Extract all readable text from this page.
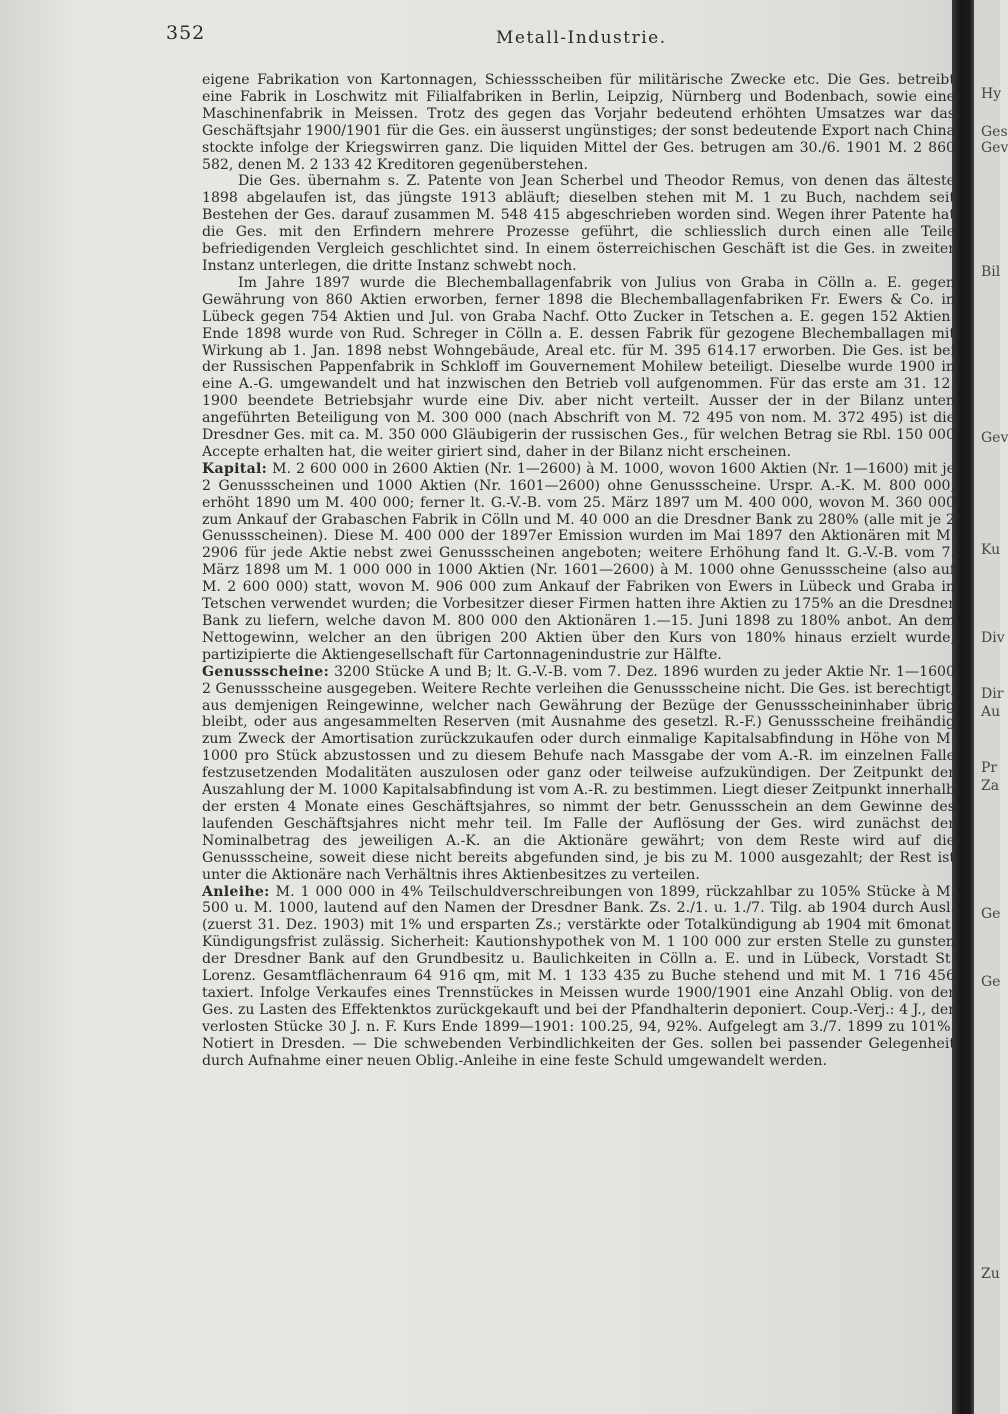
Hy
Ges
Gev
Bil
Gev
Ku
Div
Dir
Au
Pr
Za
Ge
Ge
Zu
352	Metall-Industrie.

eigene Fabrikation von Kartonnagen, Schiessscheiben für militärische Zwecke etc. Die Ges. betreibt eine Fabrik in Loschwitz mit Filialfabriken in Berlin, Leipzig, Nürnberg und Bodenbach, sowie eine Maschinenfabrik in Meissen. Trotz des gegen das Vorjahr bedeutend erhöhten Umsatzes war das Geschäftsjahr 1900/1901 für die Ges. ein äusserst ungünstiges; der sonst bedeutende Export nach China stockte infolge der Kriegswirren ganz. Die liquiden Mittel der Ges. betrugen am 30./6. 1901 M. 2 860 582, denen M. 2 133 42 Kreditoren gegenüberstehen.

Die Ges. übernahm s. Z. Patente von Jean Scherbel und Theodor Remus, von denen das älteste 1898 abgelaufen ist, das jüngste 1913 abläuft; dieselben stehen mit M. 1 zu Buch, nachdem seit Bestehen der Ges. darauf zusammen M. 548 415 abgeschrieben worden sind. Wegen ihrer Patente hat die Ges. mit den Erfindern mehrere Prozesse geführt, die schliesslich durch einen alle Teile befriedigenden Vergleich geschlichtet sind. In einem österreichischen Geschäft ist die Ges. in zweiter Instanz unterlegen, die dritte Instanz schwebt noch.

Im Jahre 1897 wurde die Blechemballagenfabrik von Julius von Graba in Cölln a. E. gegen Gewährung von 860 Aktien erworben, ferner 1898 die Blechemballagenfabriken Fr. Ewers & Co. in Lübeck gegen 754 Aktien und Jul. von Graba Nachf. Otto Zucker in Tetschen a. E. gegen 152 Aktien. Ende 1898 wurde von Rud. Schreger in Cölln a. E. dessen Fabrik für gezogene Blechemballagen mit Wirkung ab 1. Jan. 1898 nebst Wohngebäude, Areal etc. für M. 395 614.17 erworben. Die Ges. ist bei der Russischen Pappenfabrik in Schkloff im Gouvernement Mohilew beteiligt. Dieselbe wurde 1900 in eine A.-G. umgewandelt und hat inzwischen den Betrieb voll aufgenommen. Für das erste am 31. 12. 1900 beendete Betriebsjahr wurde eine Div. aber nicht verteilt. Ausser der in der Bilanz unten angeführten Beteiligung von M. 300 000 (nach Abschrift von M. 72 495 von nom. M. 372 495) ist die Dresdner Ges. mit ca. M. 350 000 Gläubigerin der russischen Ges., für welchen Betrag sie Rbl. 150 000 Accepte erhalten hat, die weiter giriert sind, daher in der Bilanz nicht erscheinen.

Kapital: M. 2 600 000 in 2600 Aktien (Nr. 1—2600) à M. 1000, wovon 1600 Aktien (Nr. 1—1600) mit je 2 Genussscheinen und 1000 Aktien (Nr. 1601—2600) ohne Genussscheine. Urspr. A.-K. M. 800 000, erhöht 1890 um M. 400 000; ferner lt. G.-V.-B. vom 25. März 1897 um M. 400 000, wovon M. 360 000 zum Ankauf der Grabaschen Fabrik in Cölln und M. 40 000 an die Dresdner Bank zu 280% (alle mit je 2 Genussscheinen). Diese M. 400 000 der 1897er Emission wurden im Mai 1897 den Aktionären mit M. 2906 für jede Aktie nebst zwei Genussscheinen angeboten; weitere Erhöhung fand lt. G.-V.-B. vom 7. März 1898 um M. 1 000 000 in 1000 Aktien (Nr. 1601—2600) à M. 1000 ohne Genussscheine (also auf M. 2 600 000) statt, wovon M. 906 000 zum Ankauf der Fabriken von Ewers in Lübeck und Graba in Tetschen verwendet wurden; die Vorbesitzer dieser Firmen hatten ihre Aktien zu 175% an die Dresdner Bank zu liefern, welche davon M. 800 000 den Aktionären 1.—15. Juni 1898 zu 180% anbot. An dem Nettogewinn, welcher an den übrigen 200 Aktien über den Kurs von 180% hinaus erzielt wurde, partizipierte die Aktiengesellschaft für Cartonnagenindustrie zur Hälfte.

Genussscheine: 3200 Stücke A und B; lt. G.-V.-B. vom 7. Dez. 1896 wurden zu jeder Aktie Nr. 1—1600 2 Genussscheine ausgegeben. Weitere Rechte verleihen die Genussscheine nicht. Die Ges. ist berechtigt, aus demjenigen Reingewinne, welcher nach Gewährung der Bezüge der Genussscheininhaber übrig bleibt, oder aus angesammelten Reserven (mit Ausnahme des gesetzl. R.-F.) Genussscheine freihändig zum Zweck der Amortisation zurückzukaufen oder durch einmalige Kapitalsabfindung in Höhe von M. 1000 pro Stück abzustossen und zu diesem Behufe nach Massgabe der vom A.-R. im einzelnen Falle festzusetzenden Modalitäten auszulosen oder ganz oder teilweise aufzukündigen. Der Zeitpunkt der Auszahlung der M. 1000 Kapitalsabfindung ist vom A.-R. zu bestimmen. Liegt dieser Zeitpunkt innerhalb der ersten 4 Monate eines Geschäftsjahres, so nimmt der betr. Genussschein an dem Gewinne des laufenden Geschäftsjahres nicht mehr teil. Im Falle der Auflösung der Ges. wird zunächst der Nominalbetrag des jeweiligen A.-K. an die Aktionäre gewährt; von dem Reste wird auf die Genussscheine, soweit diese nicht bereits abgefunden sind, je bis zu M. 1000 ausgezahlt; der Rest ist unter die Aktionäre nach Verhältnis ihres Aktienbesitzes zu verteilen.

Anleihe: M. 1 000 000 in 4% Teilschuldverschreibungen von 1899, rückzahlbar zu 105% Stücke à M. 500 u. M. 1000, lautend auf den Namen der Dresdner Bank. Zs. 2./1. u. 1./7. Tilg. ab 1904 durch Ausl. (zuerst 31. Dez. 1903) mit 1% und ersparten Zs.; verstärkte oder Totalkündigung ab 1904 mit 6monat. Kündigungsfrist zulässig. Sicherheit: Kautionshypothek von M. 1 100 000 zur ersten Stelle zu gunsten der Dresdner Bank auf den Grundbesitz u. Baulichkeiten in Cölln a. E. und in Lübeck, Vorstadt St. Lorenz. Gesamtflächenraum 64 916 qm, mit M. 1 133 435 zu Buche stehend und mit M. 1 716 456 taxiert. Infolge Verkaufes eines Trennstückes in Meissen wurde 1900/1901 eine Anzahl Oblig. von der Ges. zu Lasten des Effektenktos zurückgekauft und bei der Pfandhalterin deponiert. Coup.-Verj.: 4 J., der verlosten Stücke 30 J. n. F. Kurs Ende 1899—1901: 100.25, 94, 92%. Aufgelegt am 3./7. 1899 zu 101%. Notiert in Dresden. — Die schwebenden Verbindlichkeiten der Ges. sollen bei passender Gelegenheit durch Aufnahme einer neuen Oblig.-Anleihe in eine feste Schuld umgewandelt werden.
